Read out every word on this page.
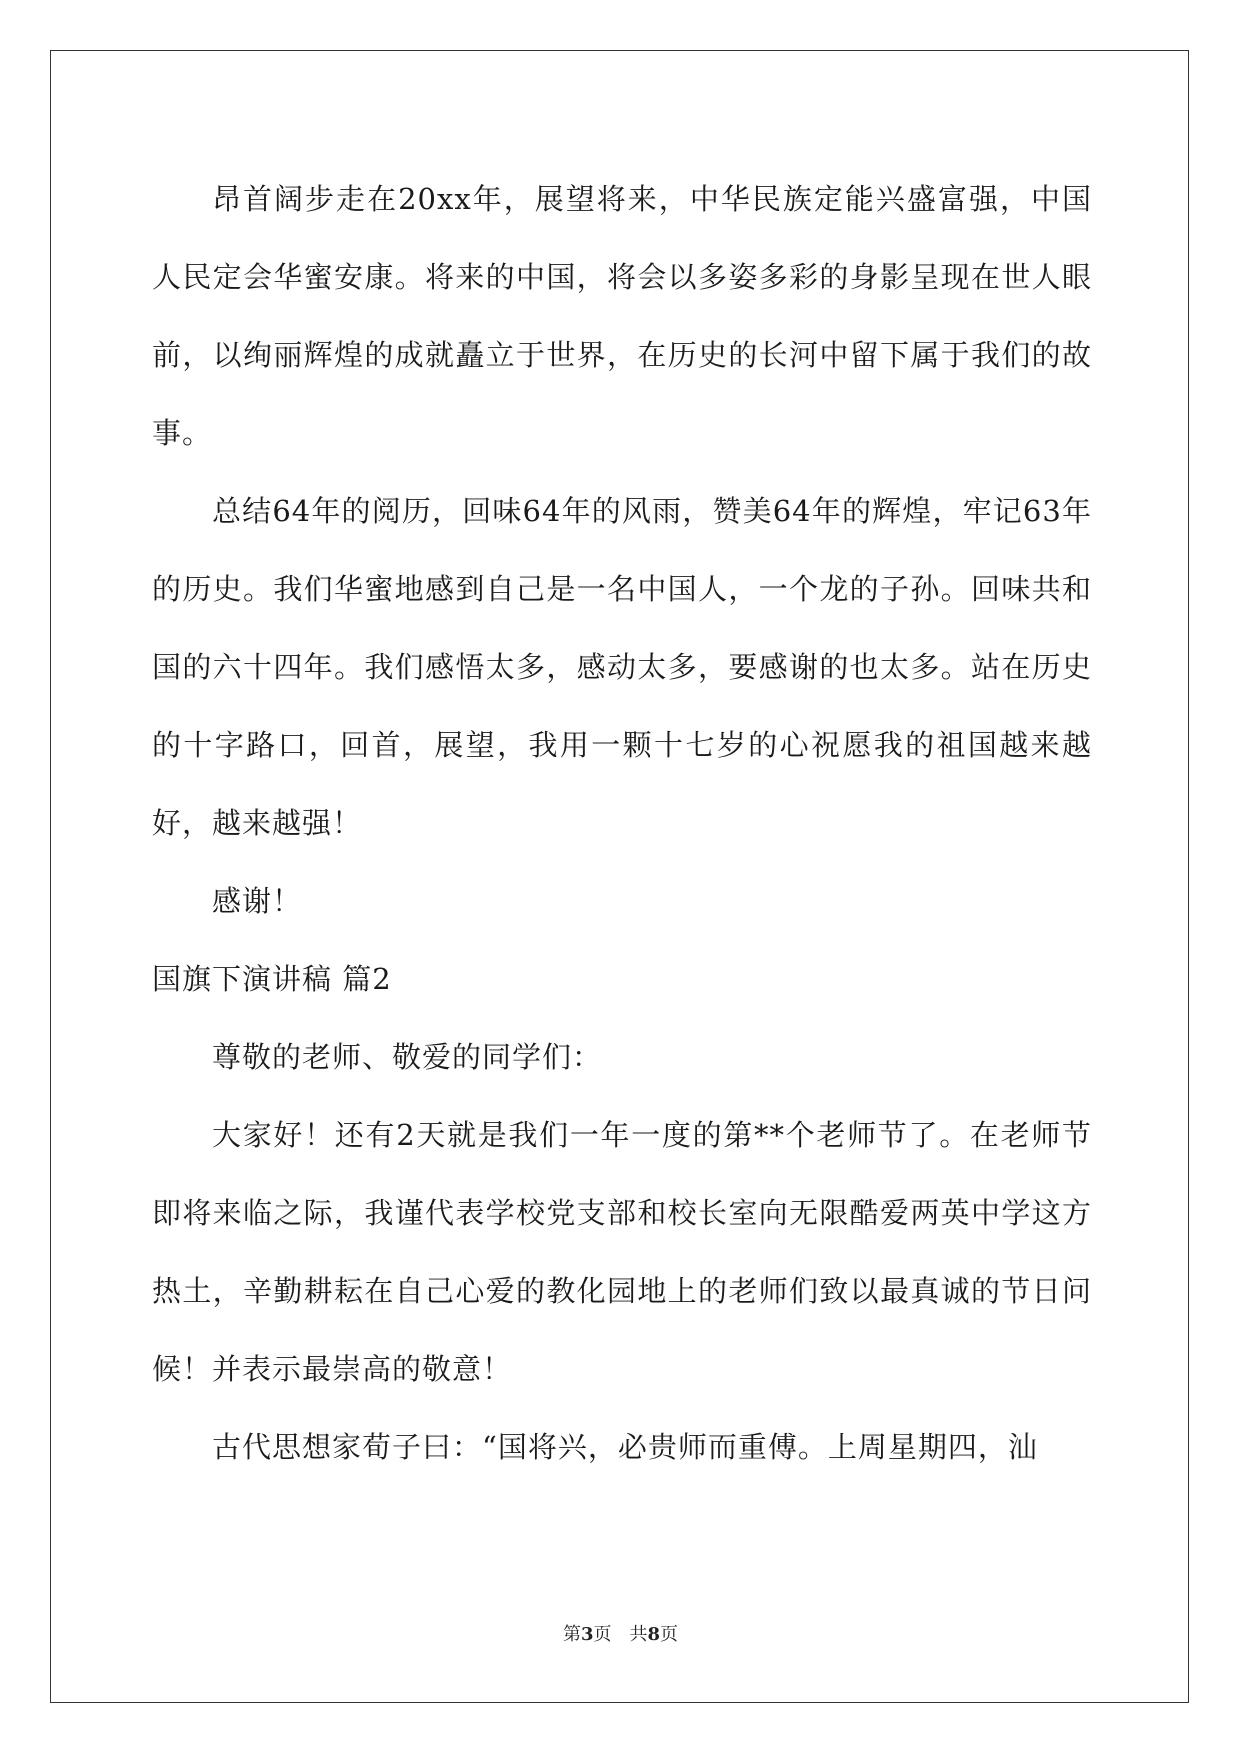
昂首阔步走在20xx年，展望将来，中华民族定能兴盛富强，中国人民定会华蜜安康。将来的中国，将会以多姿多彩的身影呈现在世人眼前，以绚丽辉煌的成就矗立于世界，在历史的长河中留下属于我们的故事。

总结64年的阅历，回味64年的风雨，赞美64年的辉煌，牢记63年的历史。我们华蜜地感到自己是一名中国人，一个龙的子孙。回味共和国的六十四年。我们感悟太多，感动太多，要感谢的也太多。站在历史的十字路口，回首，展望，我用一颗十七岁的心祝愿我的祖国越来越好，越来越强！

感谢！

国旗下演讲稿 篇2

尊敬的老师、敬爱的同学们：

大家好！还有2天就是我们一年一度的第**个老师节了。在老师节即将来临之际，我谨代表学校党支部和校长室向无限酷爱两英中学这方热土，辛勤耕耘在自己心爱的教化园地上的老师们致以最真诚的节日问候！并表示最崇高的敬意！

古代思想家荀子曰：“国将兴，必贵师而重傅。上周星期四，汕

第3页 共8页
